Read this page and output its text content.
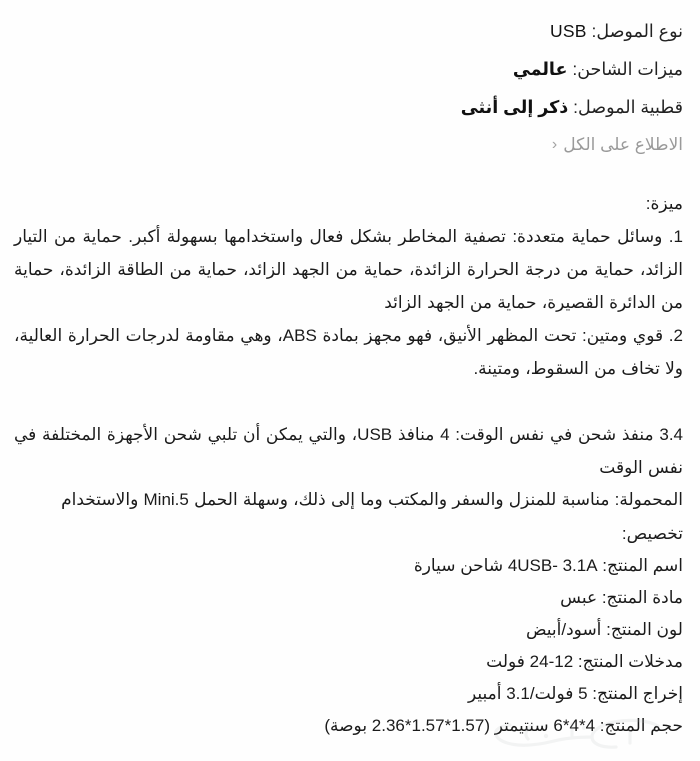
نوع الموصل: USB
ميزات الشاحن: عالمي
قطبية الموصل: ذكر إلى أنثى
الاطلاع على الكل‹
ميزة:
1. وسائل حماية متعددة: تصفية المخاطر بشكل فعال واستخدامها بسهولة أكبر. حماية من التيار الزائد، حماية من درجة الحرارة الزائدة، حماية من الجهد الزائد، حماية من الطاقة الزائدة، حماية من الدائرة القصيرة، حماية من الجهد الزائد
2. قوي ومتين: تحت المظهر الأنيق، فهو مجهز بمادة ABS، وهي مقاومة لدرجات الحرارة العالية، ولا تخاف من السقوط، ومتينة.
3.4 منفذ شحن في نفس الوقت: 4 منافذ USB، والتي يمكن أن تلبي شحن الأجهزة المختلفة في نفس الوقت
المحمولة: مناسبة للمنزل والسفر والمكتب وما إلى ذلك، وسهلة الحمل 5.Mini والاستخدام
تخصيص:
اسم المنتج: 4USB- 3.1A شاحن سيارة
مادة المنتج: عبس
لون المنتج: أسود/أبيض
مدخلات المنتج: 12-24 فولت
إخراج المنتج: 5 فولت/3.1 أمبير
حجم المنتج: 4*4*6 سنتيمتر (1.57*1.57*2.36 بوصة)
